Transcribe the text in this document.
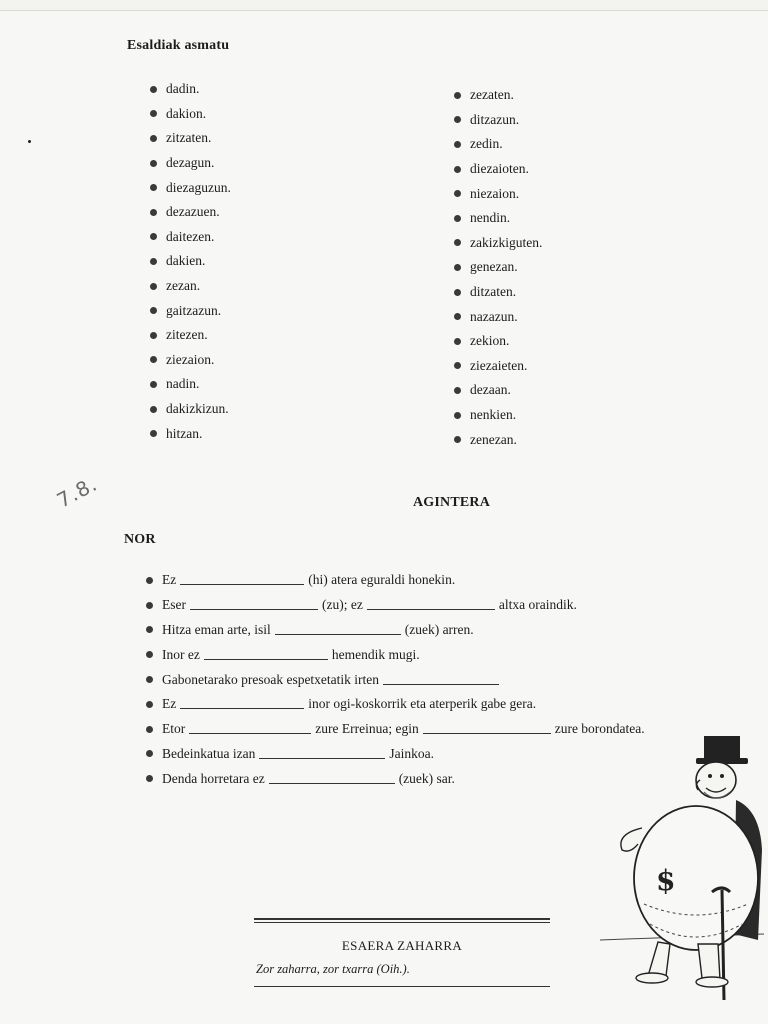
Esaldiak asmatu
dadin.
dakion.
zitzaten.
dezagun.
diezaguzun.
dezazuen.
daitezen.
dakien.
zezan.
gaitzazun.
zitezen.
ziezaion.
nadin.
dakizkizun.
hitzan.
zezaten.
ditzazun.
zedin.
diezaioten.
niezaion.
nendin.
zakizkiguten.
genezan.
ditzaten.
nazazun.
zekion.
ziezaieten.
dezaan.
nenkien.
zenezan.
7.8.	AGINTERA
NOR
Ez	(hi) atera eguraldi honekin.
Eser	(zu); ez	altxa oraindik.
Hitza eman arte, isil	(zuek) arren.
Inor ez	hemendik mugi.
Gabonetarako presoak espetxetatik irten
Ez	inor ogi-koskorrik eta aterperik gabe gera.
Etor	zure Erreinua; egin	zure borondatea.
Bedeinkatua izan	Jainkoa.
Denda horretara ez	(zuek) sar.
$
ESAERA ZAHARRA
Zor zaharra, zor txarra (Oih.).
